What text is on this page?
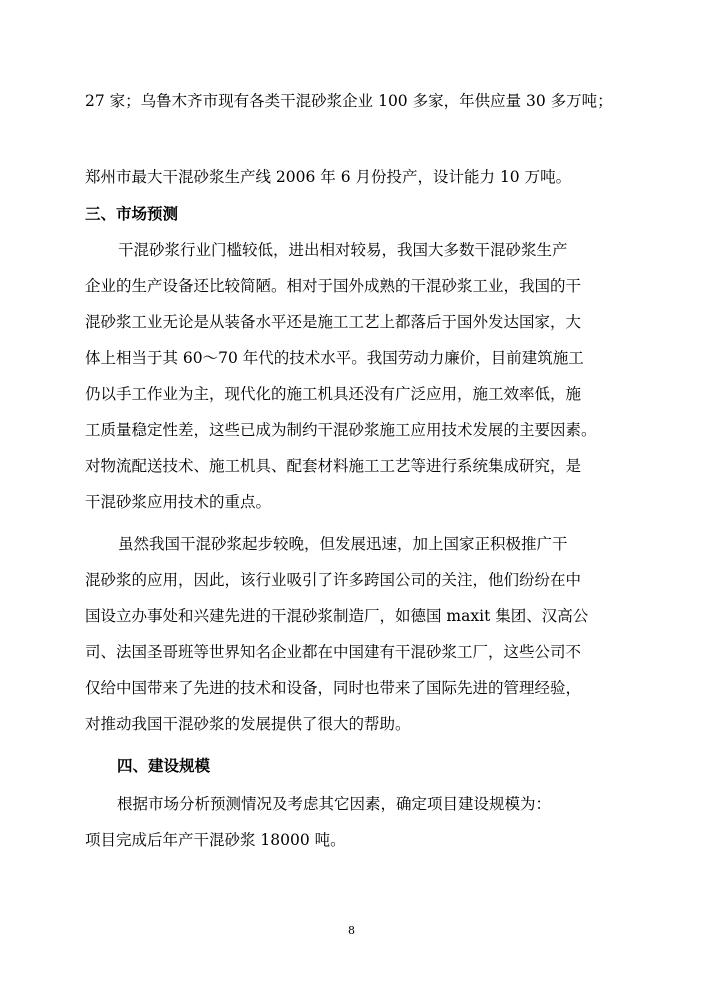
27 家；乌鲁木齐市现有各类干混砂浆企业 100 多家，年供应量 30 多万吨；
郑州市最大干混砂浆生产线 2006 年 6 月份投产，设计能力 10 万吨。
三、市场预测
干混砂浆行业门槛较低，进出相对较易，我国大多数干混砂浆生产
企业的生产设备还比较简陋。相对于国外成熟的干混砂浆工业，我国的干
混砂浆工业无论是从装备水平还是施工工艺上都落后于国外发达国家，大
体上相当于其 60～70 年代的技术水平。我国劳动力廉价，目前建筑施工
仍以手工作业为主，现代化的施工机具还没有广泛应用，施工效率低，施
工质量稳定性差，这些已成为制约干混砂浆施工应用技术发展的主要因素。
对物流配送技术、施工机具、配套材料施工工艺等进行系统集成研究，是
干混砂浆应用技术的重点。
虽然我国干混砂浆起步较晚，但发展迅速，加上国家正积极推广干
混砂浆的应用，因此，该行业吸引了许多跨国公司的关注，他们纷纷在中
国设立办事处和兴建先进的干混砂浆制造厂，如德国 maxit 集团、汉高公
司、法国圣哥班等世界知名企业都在中国建有干混砂浆工厂，这些公司不
仅给中国带来了先进的技术和设备，同时也带来了国际先进的管理经验，
对推动我国干混砂浆的发展提供了很大的帮助。
四、建设规模
根据市场分析预测情况及考虑其它因素，确定项目建设规模为：
项目完成后年产干混砂浆 18000 吨。
8
